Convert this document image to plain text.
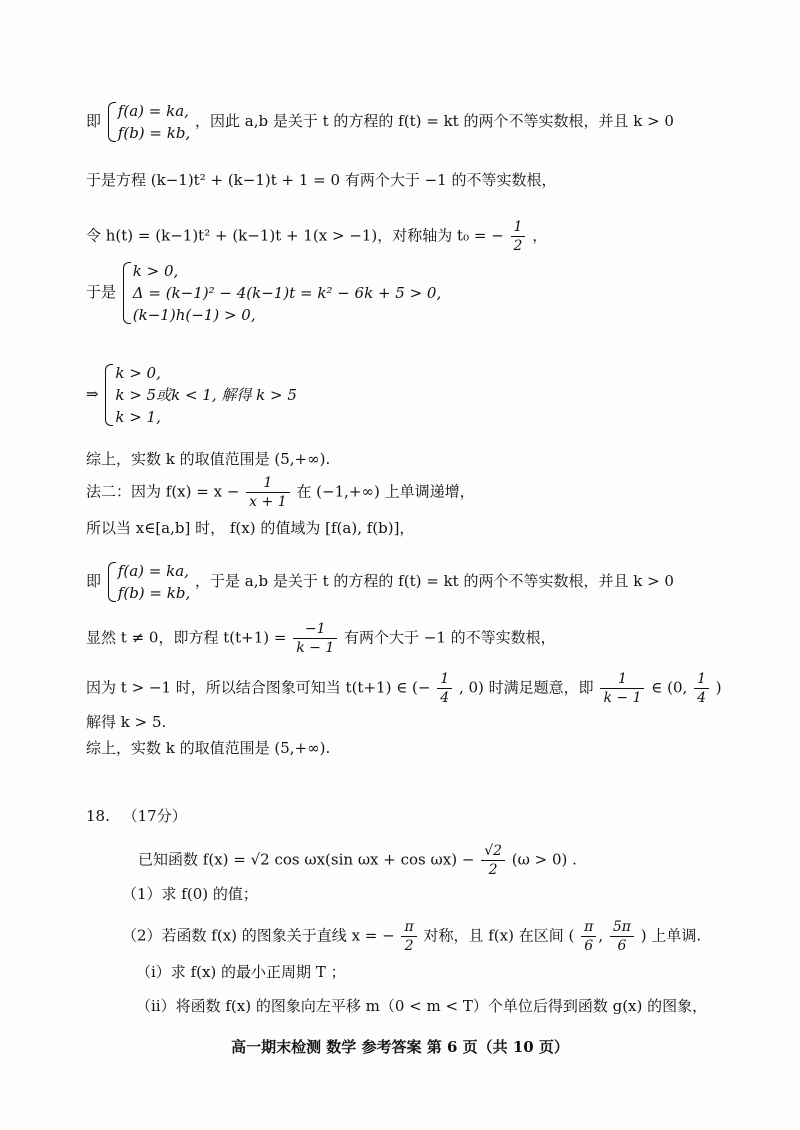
即
f(a) = ka,
f(b) = kb,
，因此 a,b 是关于 t 的方程的 f(t) = kt 的两个不等实数根，并且 k > 0
于是方程 (k−1)t² + (k−1)t + 1 = 0 有两个大于 −1 的不等实数根，
令 h(t) = (k−1)t² + (k−1)t + 1(x > −1)，对称轴为 t₀ = − $\frac{1}{2}$ ，
于是
k > 0,
Δ = (k−1)² − 4(k−1)t = k² − 6k + 5 > 0,
(k−1)h(−1) > 0,
⇒
k > 0,
k > 5或k < 1, 解得 k > 5
k > 1,
综上，实数 k 的取值范围是 (5,+∞).
法二：因为 $f(x) = x - \frac{1}{x + 1}$ 在 (−1,+∞) 上单调递增，
所以当 x∈[a,b] 时， f(x) 的值域为 [f(a), f(b)]，
即
f(a) = ka,
f(b) = kb,
，于是 a,b 是关于 t 的方程的 f(t) = kt 的两个不等实数根，并且 k > 0
显然 t ≠ 0，即方程 $t(t+1) = \frac{-1}{k - 1}$ 有两个大于 −1 的不等实数根，
因为 t > −1 时，所以结合图象可知当 t(t+1) ∈ (− $\frac{1}{4}$ , 0) 时满足题意，即 $\frac{1}{k - 1}$ ∈ (0, $\frac{1}{4}$ )
解得 k > 5.
综上，实数 k 的取值范围是 (5,+∞).
18. （17分）
已知函数 f(x) = √2 cos ωx(sin $\omega x + \cos \omega x) - \frac{√2}{2} (\omega > 0)$ .
（1）求 f(0) 的值；
（2）若函数 f(x) 的图象关于直线 x = − $\frac{\pi}{2}$ 对称，且 f(x) 在区间 ( $\frac{\pi}{6}$ , $\frac{5\pi}{6}$ ) 上单调.
（i）求 f(x) 的最小正周期 T ；
（ii）将函数 f(x) 的图象向左平移 m（0 < m < T）个单位后得到函数 g(x) 的图象，
高一期末检测 数学 参考答案 第 6 页（共 10 页）
